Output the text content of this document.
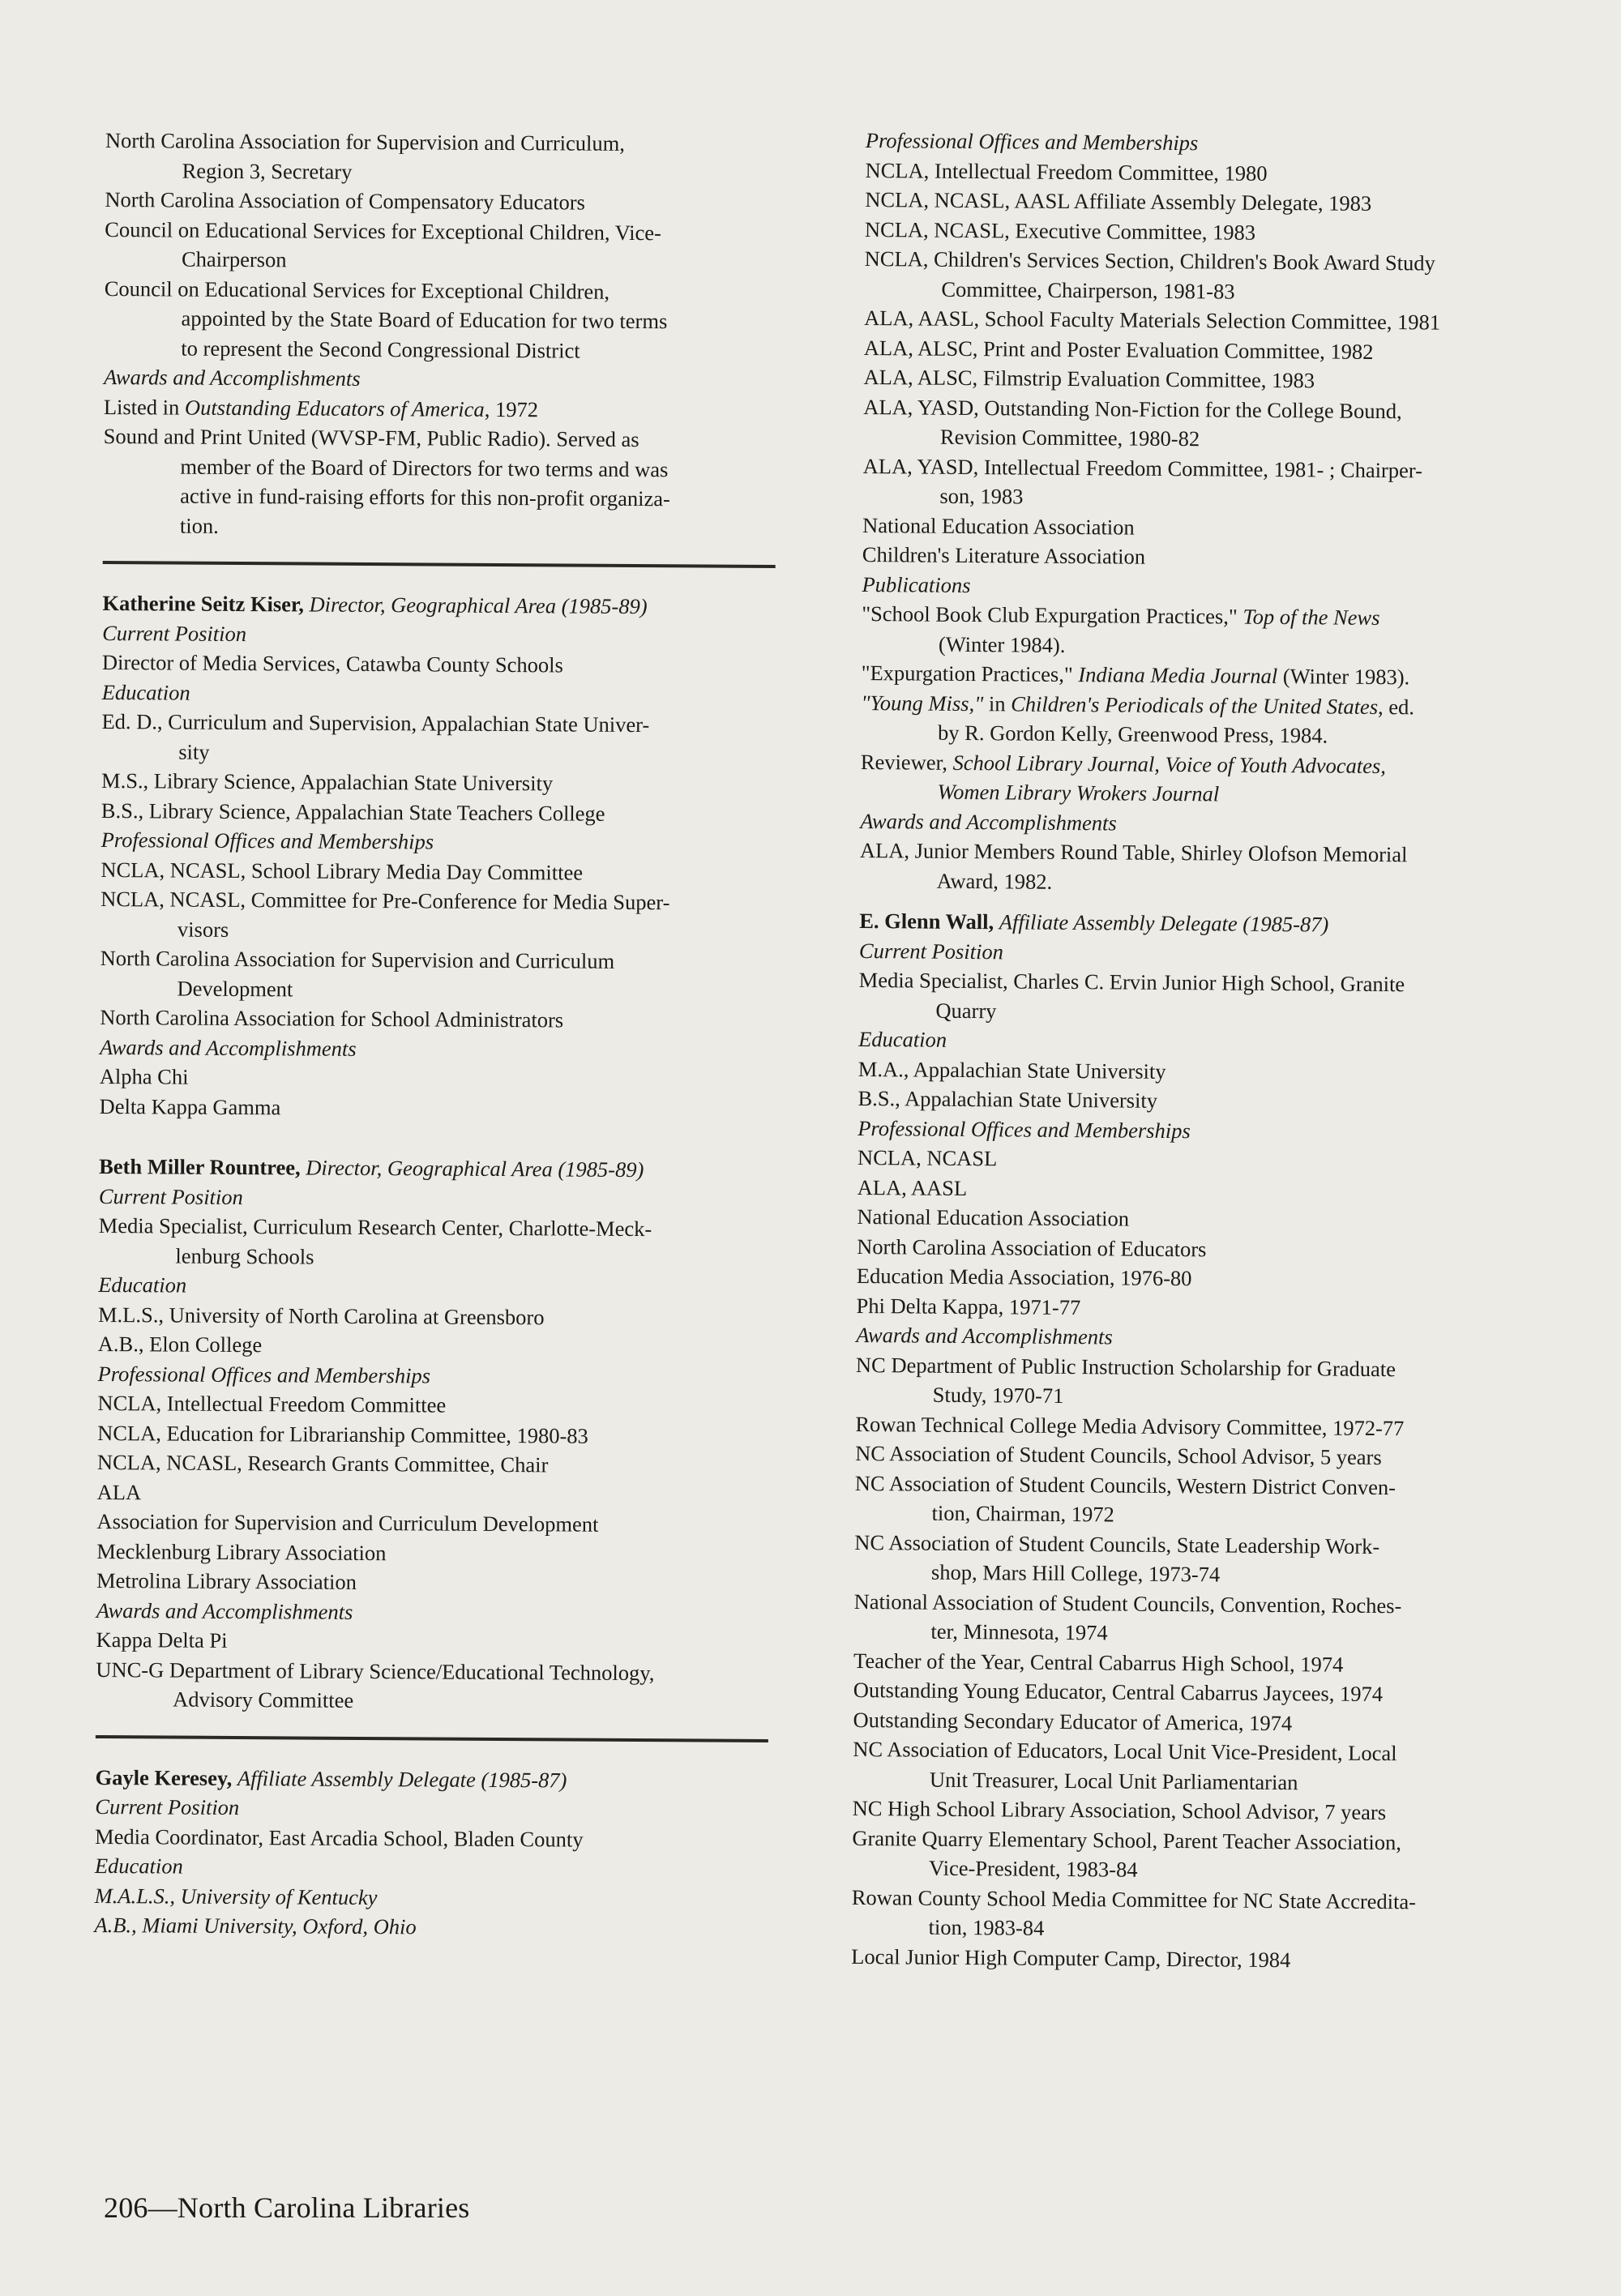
North Carolina Association for Supervision and Curriculum,

Region 3, Secretary

North Carolina Association of Compensatory Educators

Council on Educational Services for Exceptional Children, Vice-

Chairperson

Council on Educational Services for Exceptional Children,

appointed by the State Board of Education for two terms

to represent the Second Congressional District

Awards and Accomplishments

Listed in Outstanding Educators of America, 1972

Sound and Print United (WVSP-FM, Public Radio). Served as

member of the Board of Directors for two terms and was

active in fund-raising efforts for this non-profit organiza-

tion.

Katherine Seitz Kiser, Director, Geographical Area (1985-89)

Current Position

Director of Media Services, Catawba County Schools

Education

Ed. D., Curriculum and Supervision, Appalachian State Univer-

sity

M.S., Library Science, Appalachian State University

B.S., Library Science, Appalachian State Teachers College

Professional Offices and Memberships

NCLA, NCASL, School Library Media Day Committee

NCLA, NCASL, Committee for Pre-Conference for Media Super-

visors

North Carolina Association for Supervision and Curriculum

Development

North Carolina Association for School Administrators

Awards and Accomplishments

Alpha Chi

Delta Kappa Gamma

Beth Miller Rountree, Director, Geographical Area (1985-89)

Current Position

Media Specialist, Curriculum Research Center, Charlotte-Meck-

lenburg Schools

Education

M.L.S., University of North Carolina at Greensboro

A.B., Elon College

Professional Offices and Memberships

NCLA, Intellectual Freedom Committee

NCLA, Education for Librarianship Committee, 1980-83

NCLA, NCASL, Research Grants Committee, Chair

ALA

Association for Supervision and Curriculum Development

Mecklenburg Library Association

Metrolina Library Association

Awards and Accomplishments

Kappa Delta Pi

UNC-G Department of Library Science/Educational Technology,

Advisory Committee

Gayle Keresey, Affiliate Assembly Delegate (1985-87)

Current Position

Media Coordinator, East Arcadia School, Bladen County

Education

M.A.L.S., University of Kentucky

A.B., Miami University, Oxford, Ohio

Professional Offices and Memberships

NCLA, Intellectual Freedom Committee, 1980

NCLA, NCASL, AASL Affiliate Assembly Delegate, 1983

NCLA, NCASL, Executive Committee, 1983

NCLA, Children's Services Section, Children's Book Award Study

Committee, Chairperson, 1981-83

ALA, AASL, School Faculty Materials Selection Committee, 1981

ALA, ALSC, Print and Poster Evaluation Committee, 1982

ALA, ALSC, Filmstrip Evaluation Committee, 1983

ALA, YASD, Outstanding Non-Fiction for the College Bound,

Revision Committee, 1980-82

ALA, YASD, Intellectual Freedom Committee, 1981- ; Chairper-

son, 1983

National Education Association

Children's Literature Association

Publications

"School Book Club Expurgation Practices," Top of the News

(Winter 1984).

"Expurgation Practices," Indiana Media Journal (Winter 1983).

"Young Miss," in Children's Periodicals of the United States, ed.

by R. Gordon Kelly, Greenwood Press, 1984.

Reviewer, School Library Journal, Voice of Youth Advocates,

Women Library Wrokers Journal

Awards and Accomplishments

ALA, Junior Members Round Table, Shirley Olofson Memorial

Award, 1982.

E. Glenn Wall, Affiliate Assembly Delegate (1985-87)

Current Position

Media Specialist, Charles C. Ervin Junior High School, Granite

Quarry

Education

M.A., Appalachian State University

B.S., Appalachian State University

Professional Offices and Memberships

NCLA, NCASL

ALA, AASL

National Education Association

North Carolina Association of Educators

Education Media Association, 1976-80

Phi Delta Kappa, 1971-77

Awards and Accomplishments

NC Department of Public Instruction Scholarship for Graduate

Study, 1970-71

Rowan Technical College Media Advisory Committee, 1972-77

NC Association of Student Councils, School Advisor, 5 years

NC Association of Student Councils, Western District Conven-

tion, Chairman, 1972

NC Association of Student Councils, State Leadership Work-

shop, Mars Hill College, 1973-74

National Association of Student Councils, Convention, Roches-

ter, Minnesota, 1974

Teacher of the Year, Central Cabarrus High School, 1974

Outstanding Young Educator, Central Cabarrus Jaycees, 1974

Outstanding Secondary Educator of America, 1974

NC Association of Educators, Local Unit Vice-President, Local

Unit Treasurer, Local Unit Parliamentarian

NC High School Library Association, School Advisor, 7 years

Granite Quarry Elementary School, Parent Teacher Association,

Vice-President, 1983-84

Rowan County School Media Committee for NC State Accredita-

tion, 1983-84

Local Junior High Computer Camp, Director, 1984

206—North Carolina Libraries
